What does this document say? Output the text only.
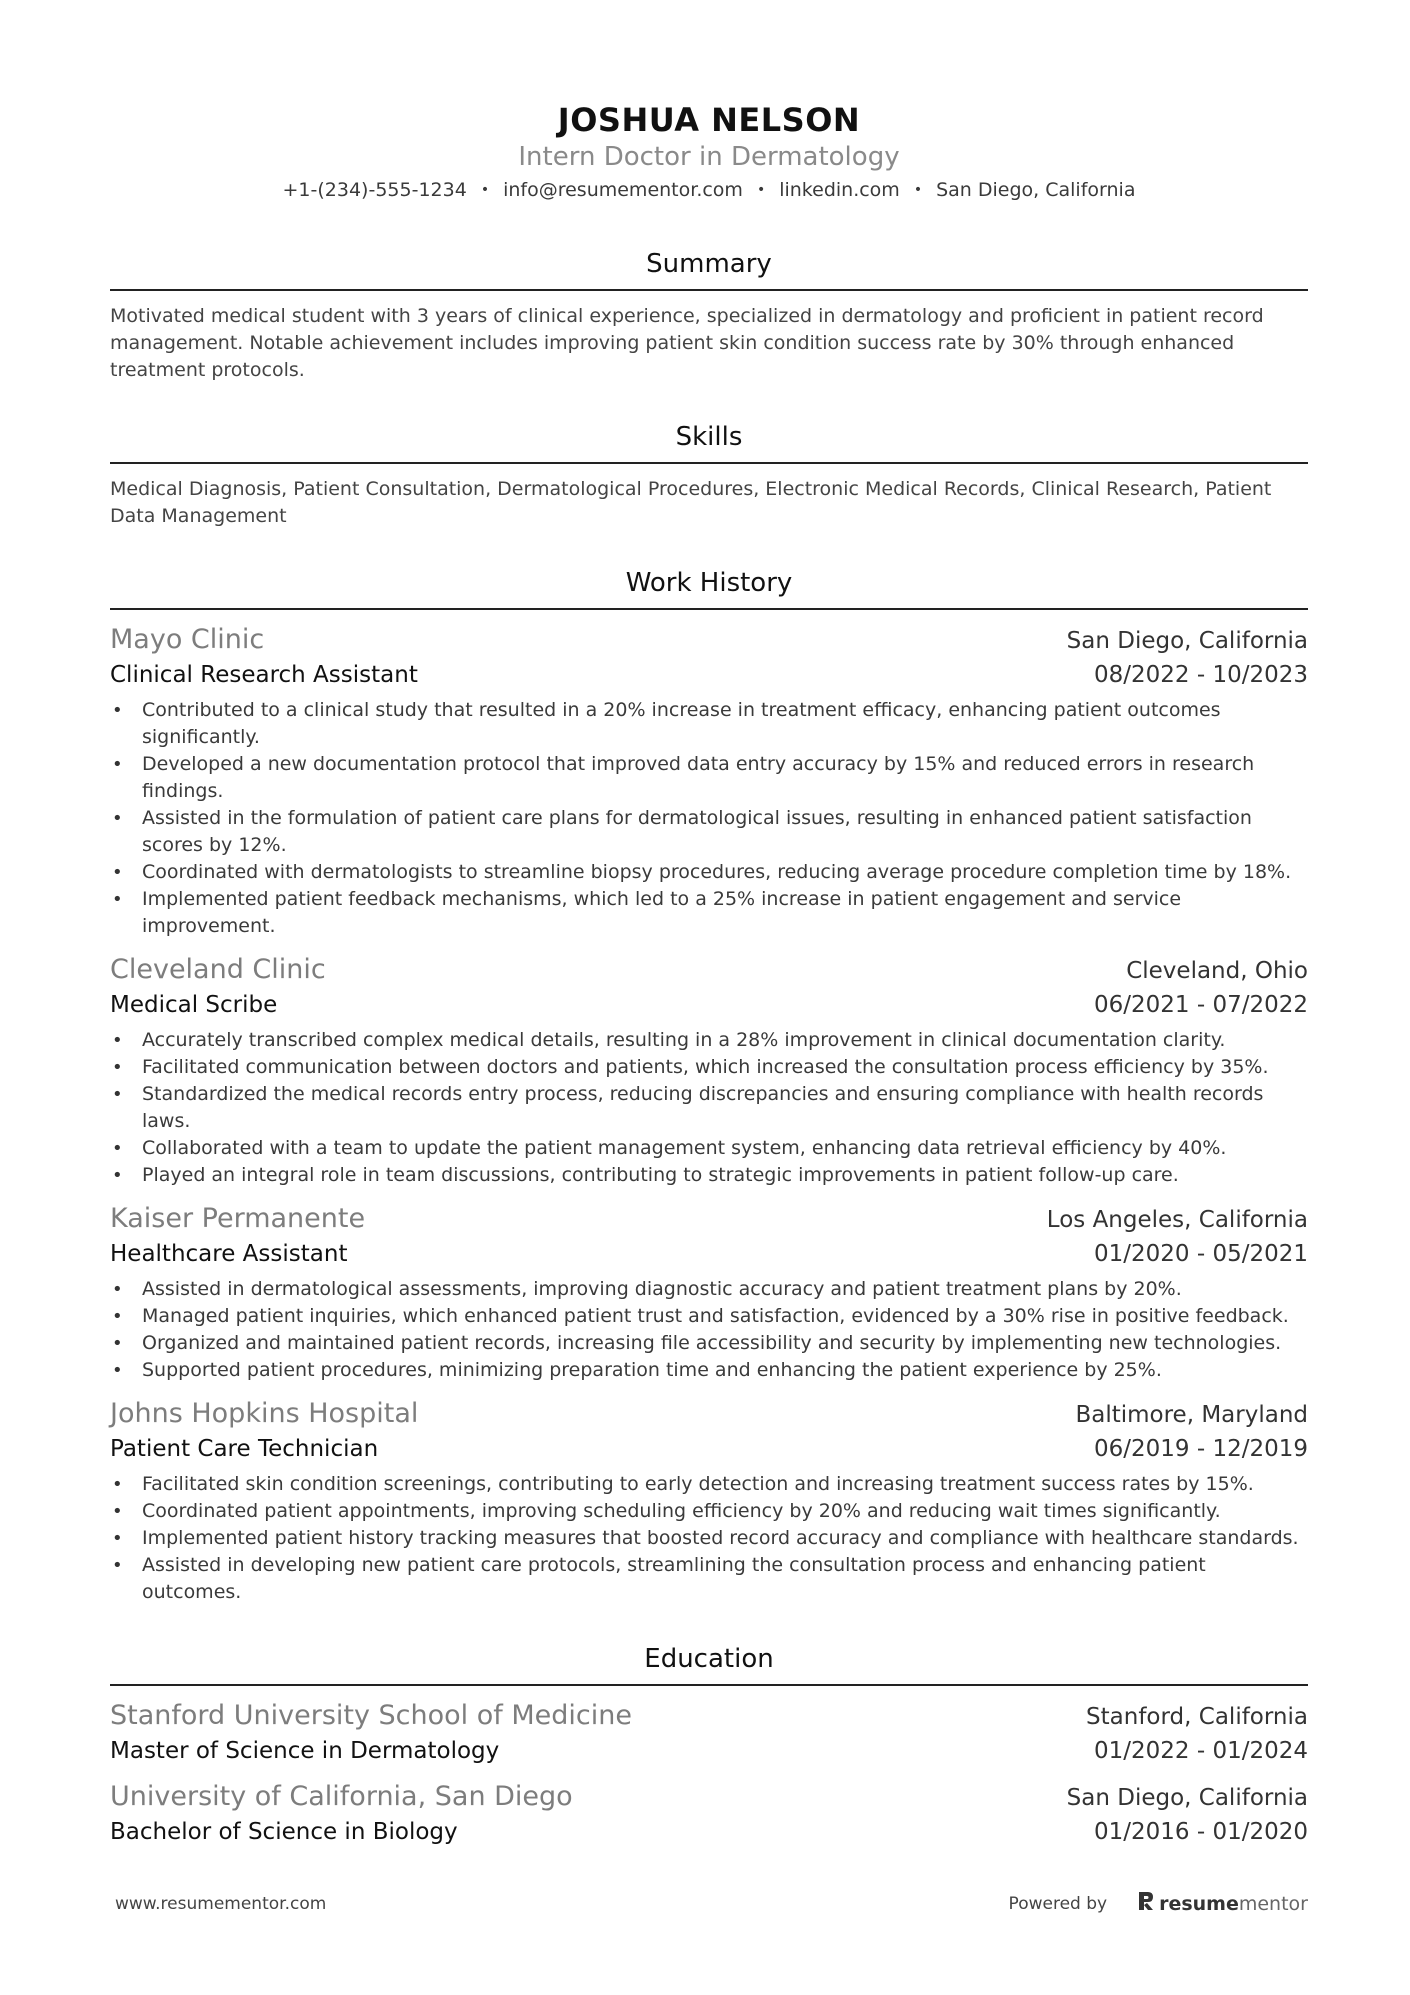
JOSHUA NELSON
Intern Doctor in Dermatology
+1-(234)-555-1234 • info@resumementor.com • linkedin.com • San Diego, California
Summary
Motivated medical student with 3 years of clinical experience, specialized in dermatology and proficient in patient record management. Notable achievement includes improving patient skin condition success rate by 30% through enhanced treatment protocols.
Skills
Medical Diagnosis, Patient Consultation, Dermatological Procedures, Electronic Medical Records, Clinical Research, Patient Data Management
Work History
Mayo Clinic	San Diego, California
Clinical Research Assistant	08/2022 - 10/2023
• Contributed to a clinical study that resulted in a 20% increase in treatment efficacy, enhancing patient outcomes significantly.
• Developed a new documentation protocol that improved data entry accuracy by 15% and reduced errors in research findings.
• Assisted in the formulation of patient care plans for dermatological issues, resulting in enhanced patient satisfaction scores by 12%.
• Coordinated with dermatologists to streamline biopsy procedures, reducing average procedure completion time by 18%.
• Implemented patient feedback mechanisms, which led to a 25% increase in patient engagement and service improvement.
Cleveland Clinic	Cleveland, Ohio
Medical Scribe	06/2021 - 07/2022
• Accurately transcribed complex medical details, resulting in a 28% improvement in clinical documentation clarity.
• Facilitated communication between doctors and patients, which increased the consultation process efficiency by 35%.
• Standardized the medical records entry process, reducing discrepancies and ensuring compliance with health records laws.
• Collaborated with a team to update the patient management system, enhancing data retrieval efficiency by 40%.
• Played an integral role in team discussions, contributing to strategic improvements in patient follow-up care.
Kaiser Permanente	Los Angeles, California
Healthcare Assistant	01/2020 - 05/2021
• Assisted in dermatological assessments, improving diagnostic accuracy and patient treatment plans by 20%.
• Managed patient inquiries, which enhanced patient trust and satisfaction, evidenced by a 30% rise in positive feedback.
• Organized and maintained patient records, increasing file accessibility and security by implementing new technologies.
• Supported patient procedures, minimizing preparation time and enhancing the patient experience by 25%.
Johns Hopkins Hospital	Baltimore, Maryland
Patient Care Technician	06/2019 - 12/2019
• Facilitated skin condition screenings, contributing to early detection and increasing treatment success rates by 15%.
• Coordinated patient appointments, improving scheduling efficiency by 20% and reducing wait times significantly.
• Implemented patient history tracking measures that boosted record accuracy and compliance with healthcare standards.
• Assisted in developing new patient care protocols, streamlining the consultation process and enhancing patient outcomes.
Education
Stanford University School of Medicine	Stanford, California
Master of Science in Dermatology	01/2022 - 01/2024
University of California, San Diego	San Diego, California
Bachelor of Science in Biology	01/2016 - 01/2020
www.resumementor.com	Powered by	resume mentor
